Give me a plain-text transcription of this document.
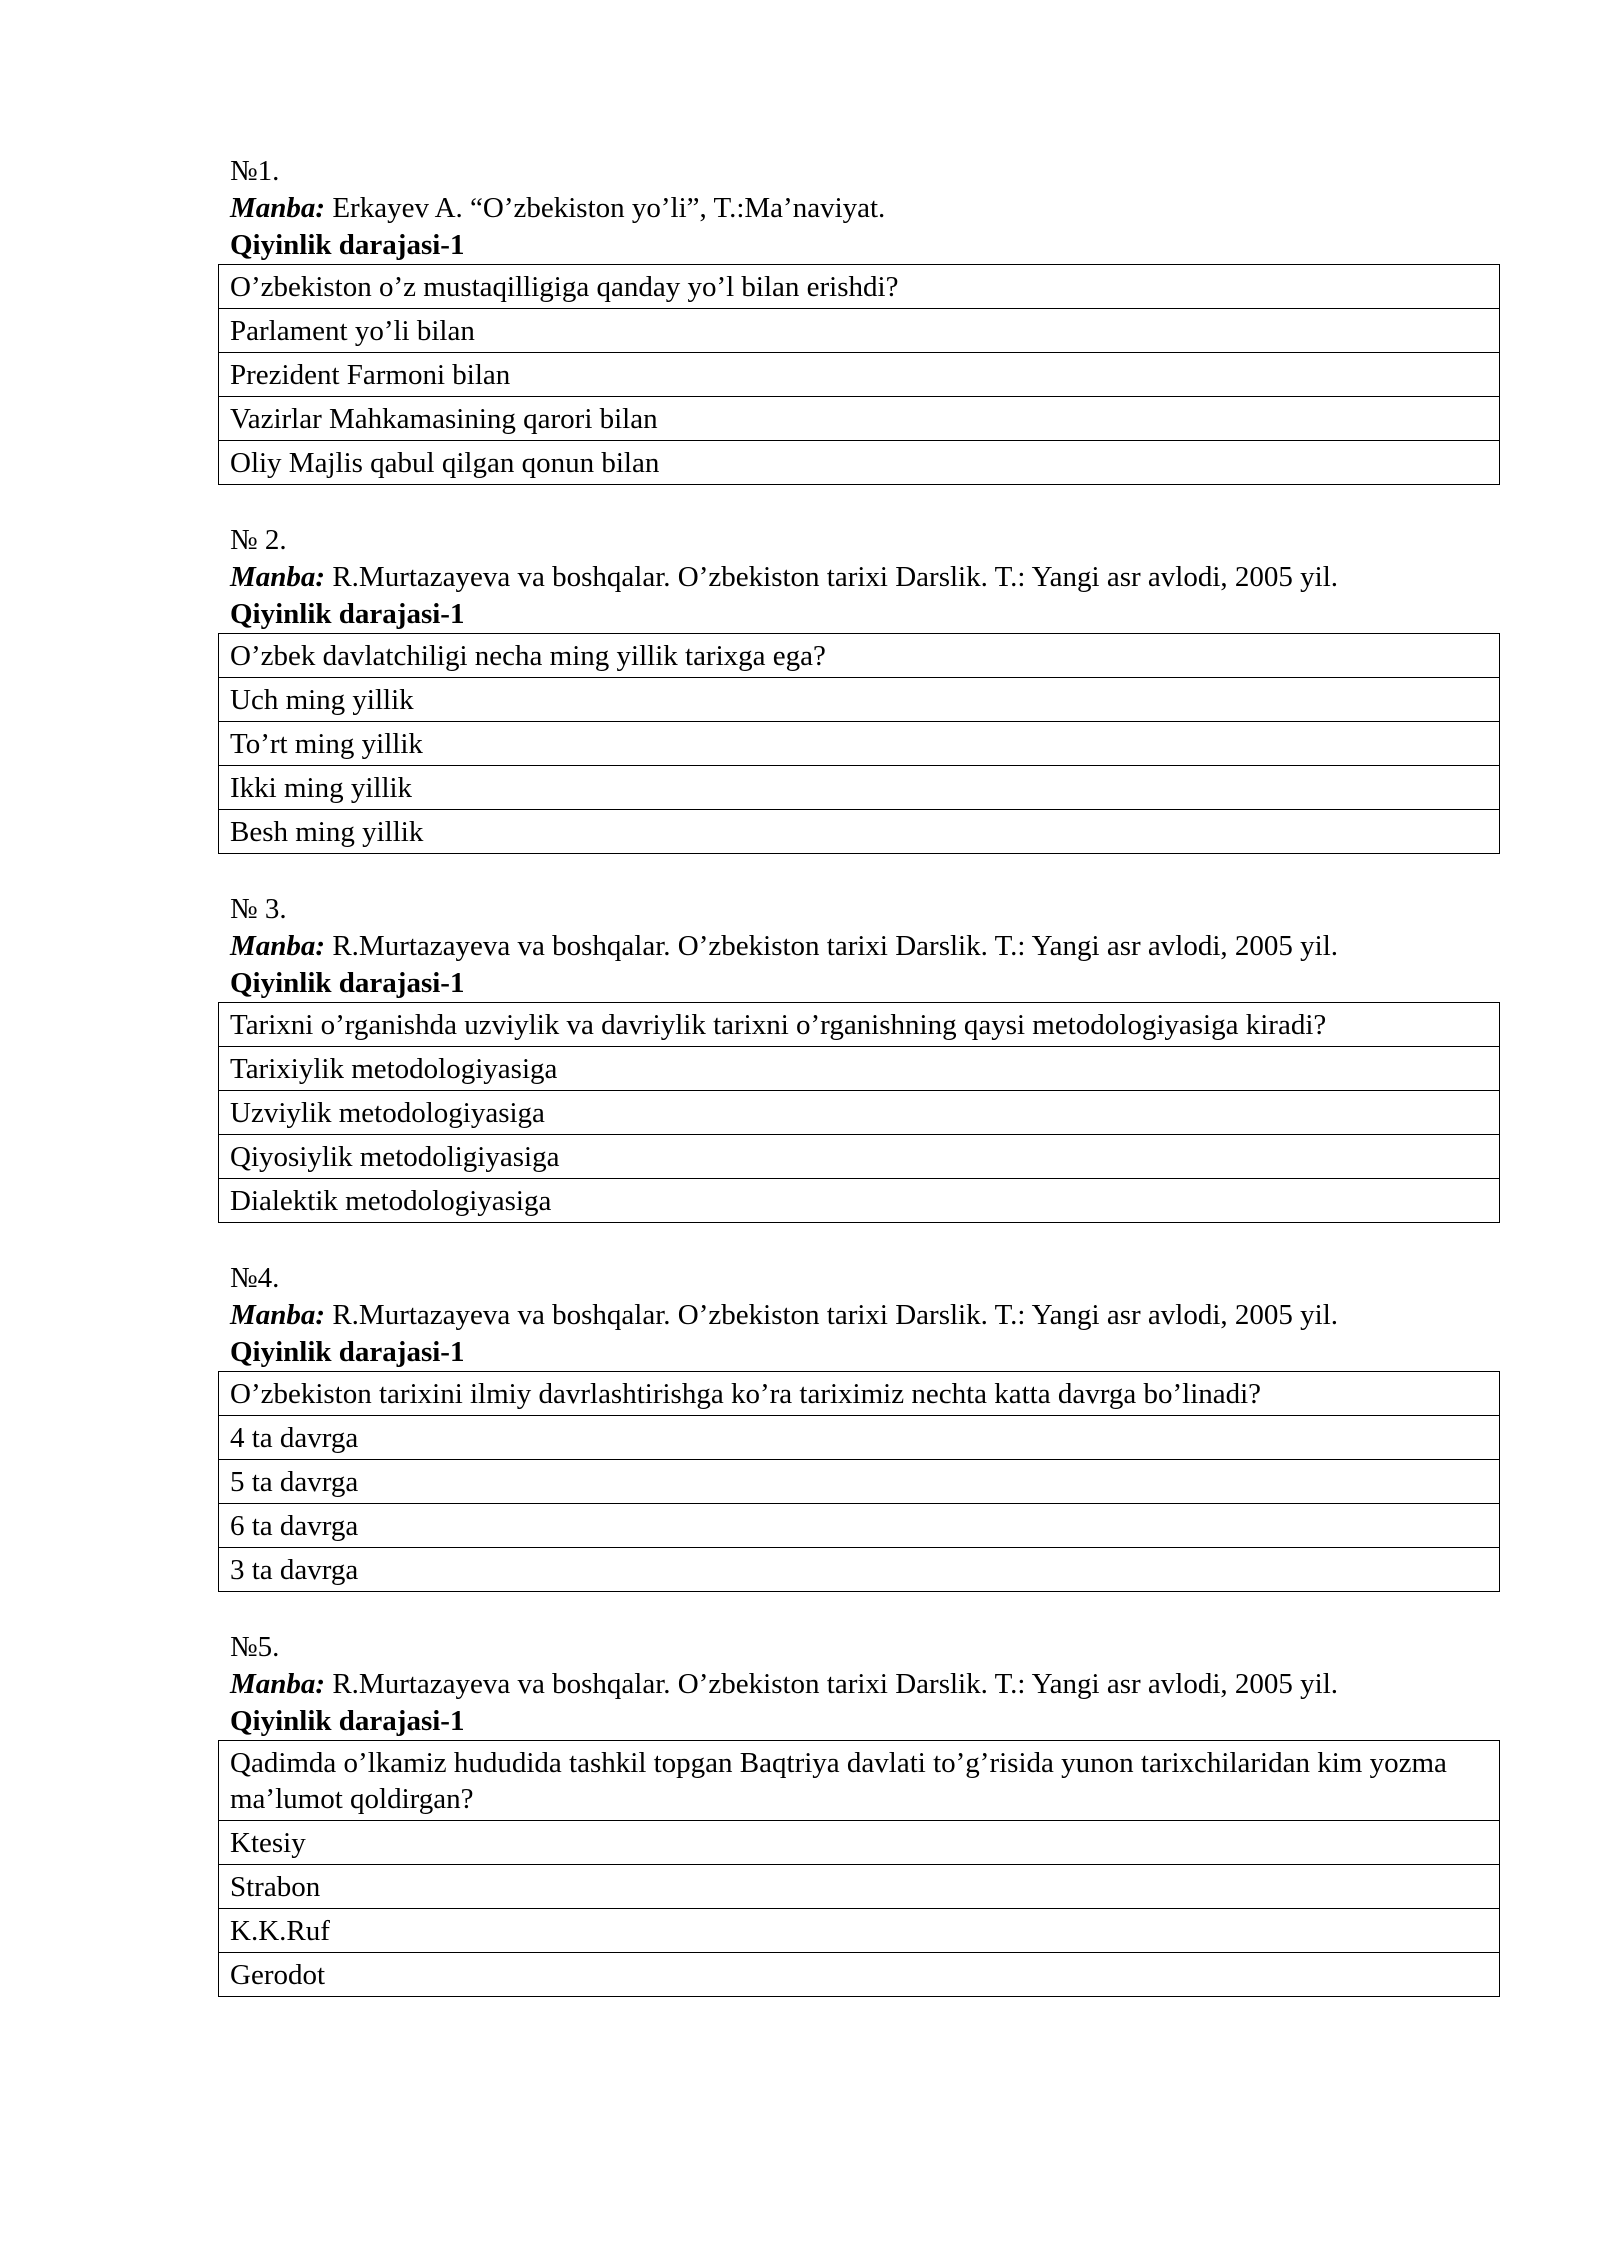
№1.
Manba: Erkayev A. “O’zbekiston yo’li”, T.:Ma’naviyat.
Qiyinlik darajasi-1
O’zbekiston o’z mustaqilligiga qanday yo’l bilan erishdi?
Parlament yo’li bilan
Prezident Farmoni bilan
Vazirlar Mahkamasining qarori bilan
Oliy Majlis qabul qilgan qonun bilan
№ 2.
Manba: R.Murtazayeva va boshqalar. O’zbekiston tarixi Darslik. T.: Yangi asr avlodi, 2005 yil.
Qiyinlik darajasi-1
O’zbek davlatchiligi necha ming yillik tarixga ega?
Uch ming yillik
To’rt ming yillik
Ikki ming yillik
Besh ming yillik
№ 3.
Manba: R.Murtazayeva va boshqalar. O’zbekiston tarixi Darslik. T.: Yangi asr avlodi, 2005 yil.
Qiyinlik darajasi-1
Tarixni o’rganishda uzviylik va davriylik tarixni o’rganishning qaysi metodologiyasiga kiradi?
Tarixiylik metodologiyasiga
Uzviylik metodologiyasiga
Qiyosiylik metodoligiyasiga
Dialektik metodologiyasiga
№4.
Manba: R.Murtazayeva va boshqalar. O’zbekiston tarixi Darslik. T.: Yangi asr avlodi, 2005 yil.
Qiyinlik darajasi-1
O’zbekiston tarixini ilmiy davrlashtirishga ko’ra tariximiz nechta katta davrga bo’linadi?
4 ta davrga
5 ta davrga
6 ta davrga
3 ta davrga
№5.
Manba: R.Murtazayeva va boshqalar. O’zbekiston tarixi Darslik. T.: Yangi asr avlodi, 2005 yil.
Qiyinlik darajasi-1
Qadimda o’lkamiz hududida tashkil topgan Baqtriya davlati to’g’risida yunon tarixchilaridan kim yozma ma’lumot qoldirgan?
Ktesiy
Strabon
K.K.Ruf
Gerodot
